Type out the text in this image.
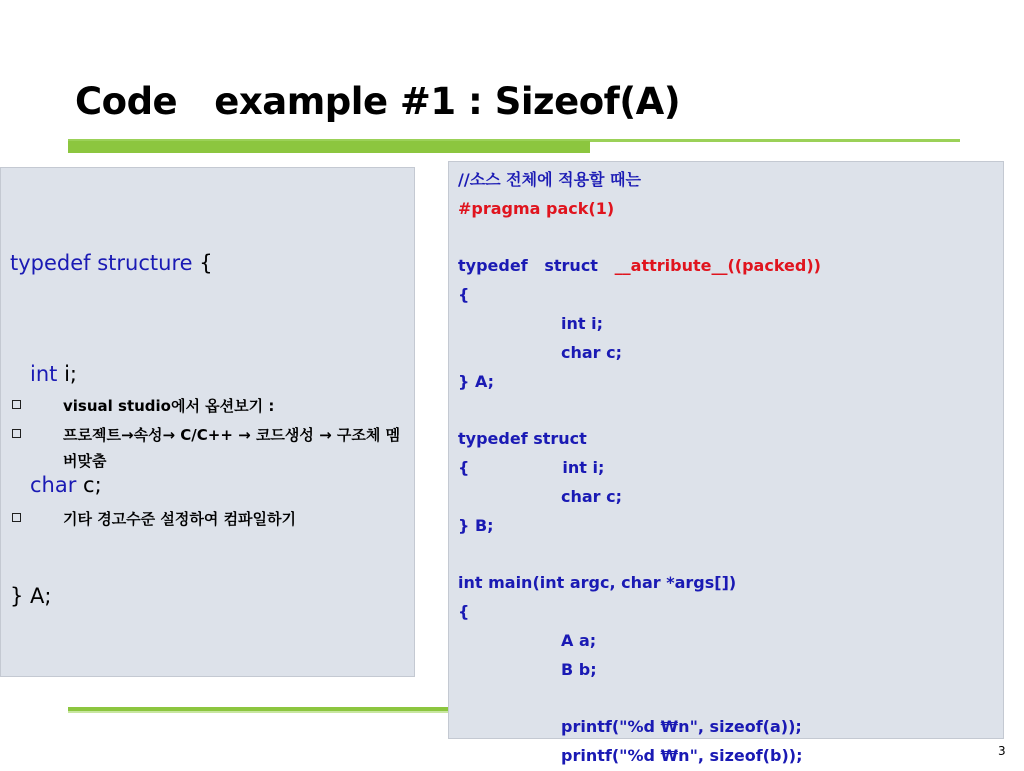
Code   example #1 : Sizeof(A)

typedef structure {

int i;

char c;

} A;

visual studio에서 옵션보기 :
프로젝트→속성→ C/C++ → 코드생성 → 구조체 멤버맞춤
기타 경고수준 설정하여 컴파일하기
//소스 전체에 적용할 때는
#pragma pack(1)
typedef   struct   __attribute__((packed))
{
int i;
char c;
} A;
typedef struct
{	int i;
char c;
} B;
int main(int argc, char *args[])
{
A a;
B b;
printf("%d ₩n", sizeof(a));
printf("%d ₩n", sizeof(b));	3
